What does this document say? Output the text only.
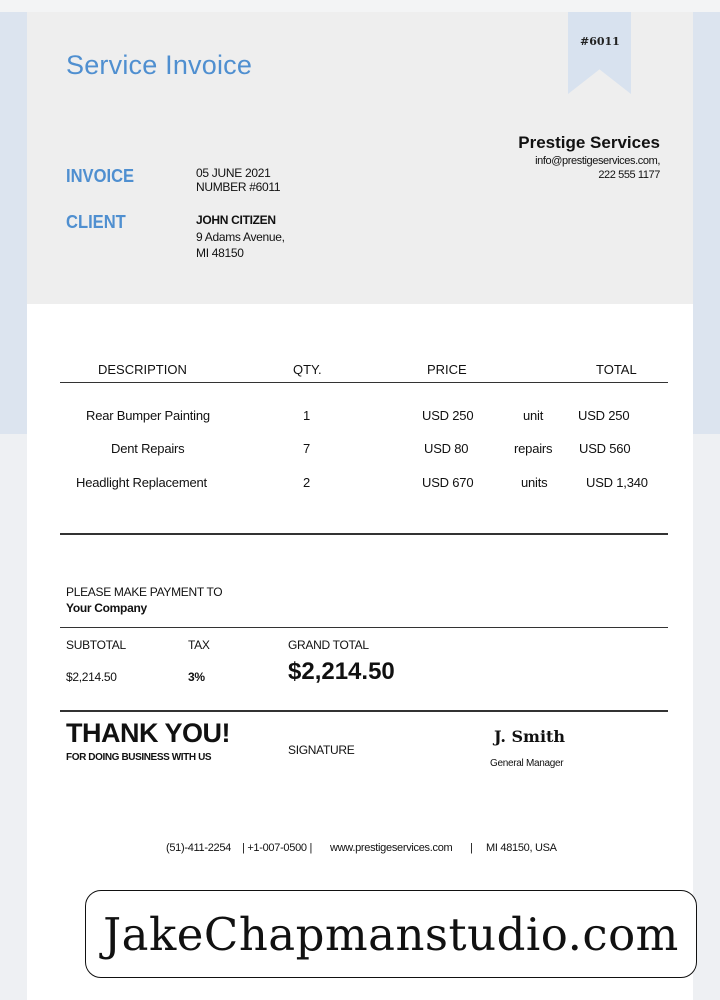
#6011
Service Invoice
INVOICE	05 JUNE 2021
NUMBER #6011
CLIENT	JOHN CITIZEN
9 Adams Avenue,
MI 48150
Prestige Services
info@prestigeservices.com,
222 555 1177
DESCRIPTION	QTY.	PRICE	TOTAL
Rear Bumper Painting	1	USD 250	unit	USD 250
Dent Repairs	7	USD 80	repairs USD 560
Headlight Replacement	2	USD 670	units	USD 1,340
PLEASE MAKE PAYMENT TO
Your Company
SUBTOTAL	TAX	GRAND TOTAL
$2,214.50	3%	$2,214.50
THANK YOU!
FOR DOING BUSINESS WITH US
SIGNATURE
J. Smith
General Manager
(51)-411-2254 | +1-007-0500 | www.prestigeservices.com | MI 48150, USA
JakeChapmanstudio.com
